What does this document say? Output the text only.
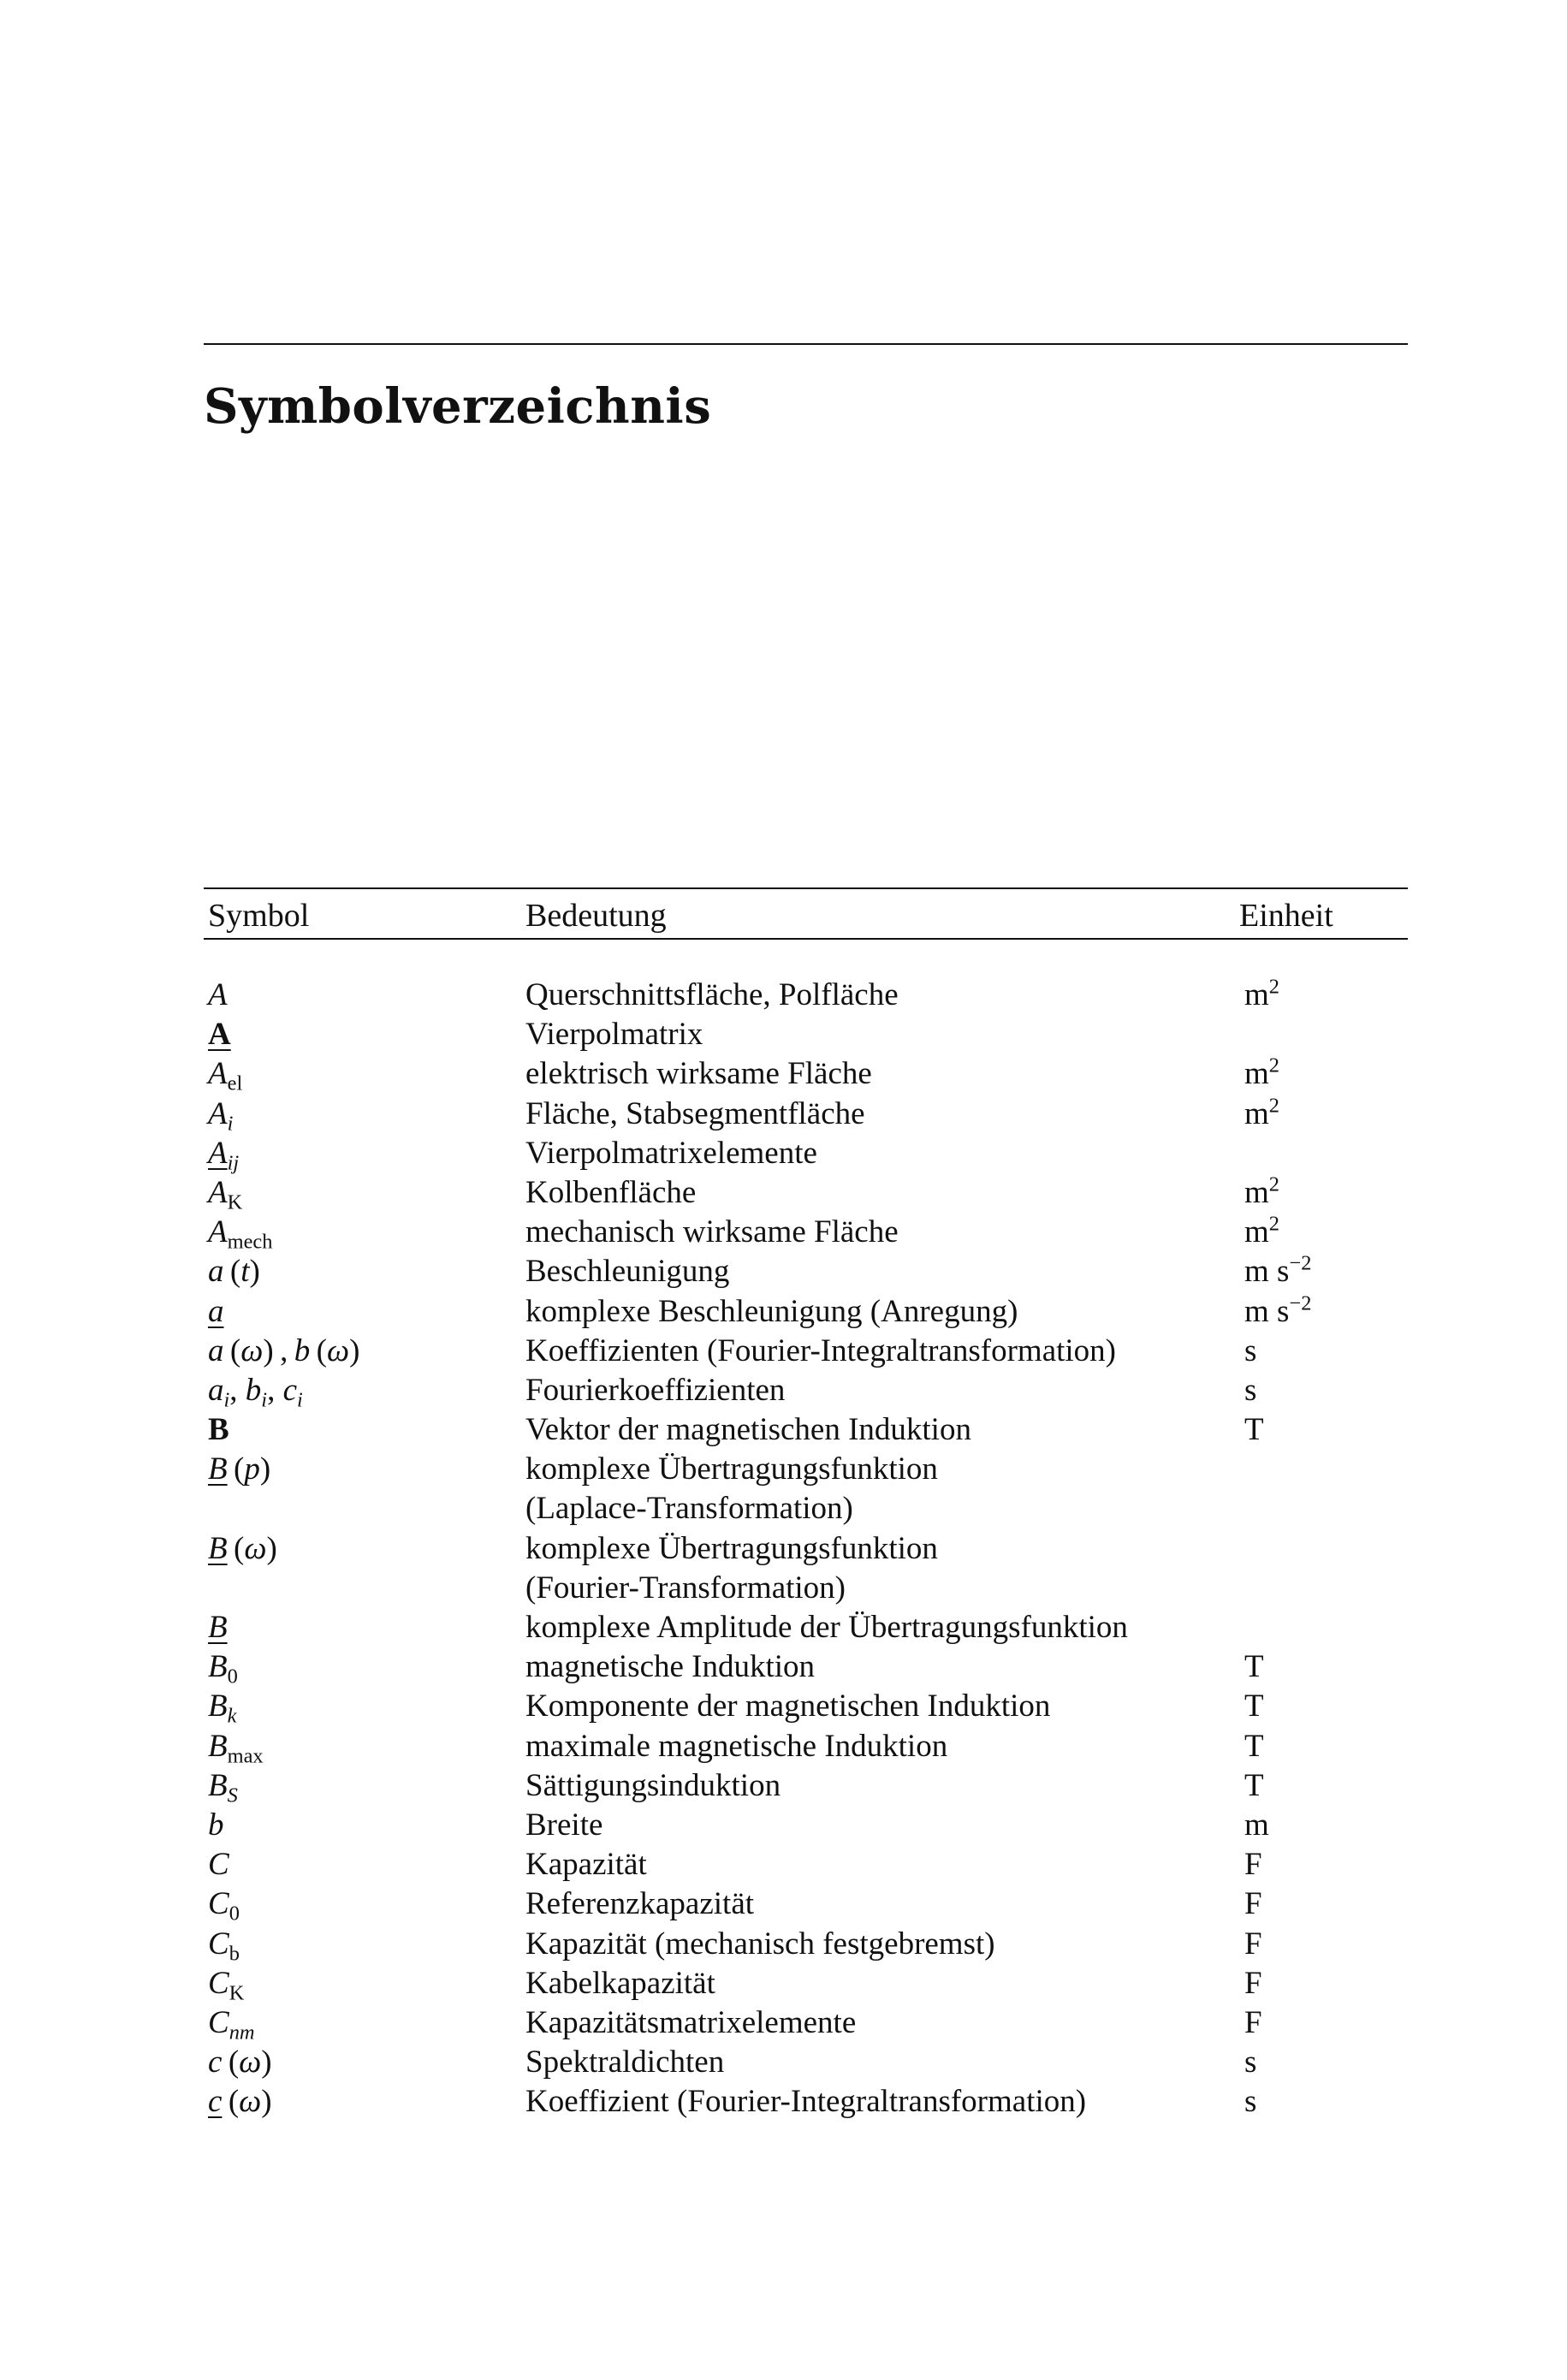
Symbolverzeichnis
Symbol	Bedeutung	Einheit
A	Querschnittsfläche, Polfläche	$m^2$
A	Vierpolmatrix
$A_{el}$	elektrisch wirksame Fläche	$m^2$
$A_i$	Fläche, Stabsegmentfläche	$m^2$
$A_{ij}$	Vierpolmatrixelemente
$A_K$	Kolbenfläche	$m^2$
$A_{mech}$	mechanisch wirksame Fläche	$m^2$
a (t)	Beschleunigung	m $s^{-2}$
a	komplexe Beschleunigung (Anregung)	m $s^{-2}$
a (ω) , b (ω)	Koeffizienten (Fourier-Integraltransformation)	s
$a_i$, $b_i$, $c_i$	Fourierkoeffizienten	s
B	Vektor der magnetischen Induktion	T
B (p)	komplexe Übertragungsfunktion
(Laplace-Transformation)
B (ω)	komplexe Übertragungsfunktion
(Fourier-Transformation)
B	komplexe Amplitude der Übertragungsfunktion
$B_0$	magnetische Induktion	T
$B_k$	Komponente der magnetischen Induktion	T
$B_{max}$	maximale magnetische Induktion	T
$B_S$	Sättigungsinduktion	T
b	Breite	m
C	Kapazität	F
$C_0$	Referenzkapazität	F
$C_b$	Kapazität (mechanisch festgebremst)	F
$C_K$	Kabelkapazität	F
$C_{nm}$	Kapazitätsmatrixelemente	F
c (ω)	Spektraldichten	s
c (ω)	Koeffizient (Fourier-Integraltransformation)	s
